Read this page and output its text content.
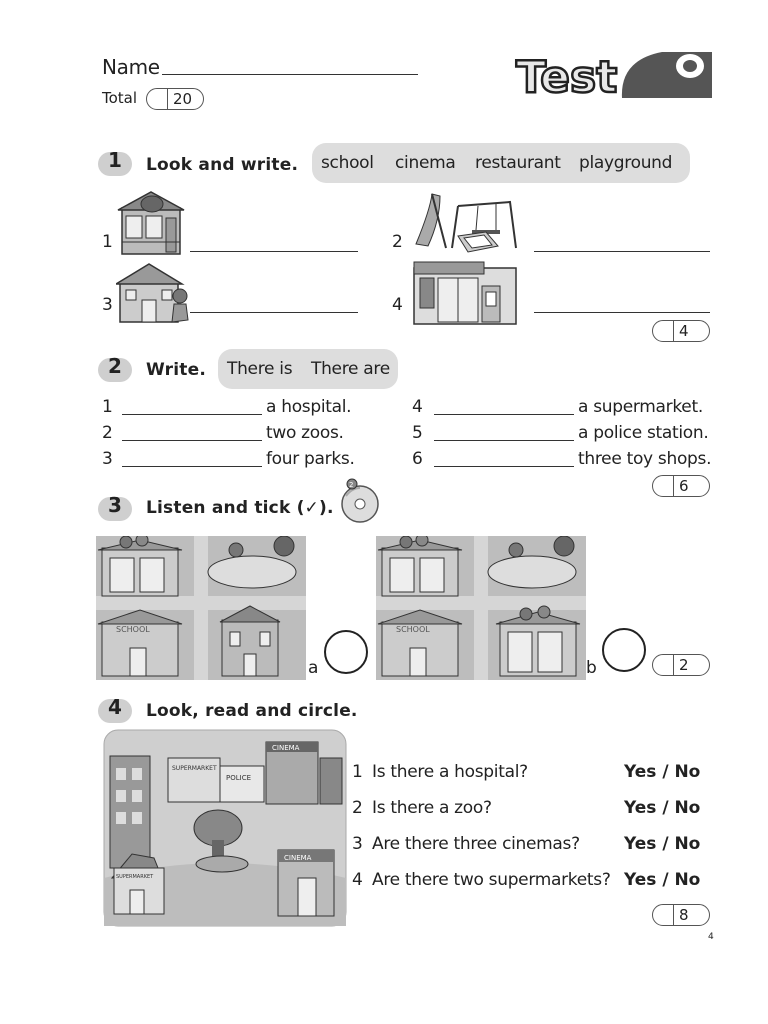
Name
Total 20	Test
1 Look and write. school cinema restaurant playground
1	2
3	4
4
2 Write. There is There are
1	a hospital.
2	two zoos.
3	four parks.
4	a supermarket.
5	a police station.
6	three toy shops.
6
3 Listen and tick (✓).
2
SCHOOL
a
SCHOOL
b	2
4 Look, read and circle.
SUPERMARKET
POLICE
CINEMA
SUPERMARKET
CINEMA
1 Is there a hospital?	Yes / No
2 Is there a zoo?	Yes / No
3 Are there three cinemas?	Yes / No
4 Are there two supermarkets? Yes / No
8
4
